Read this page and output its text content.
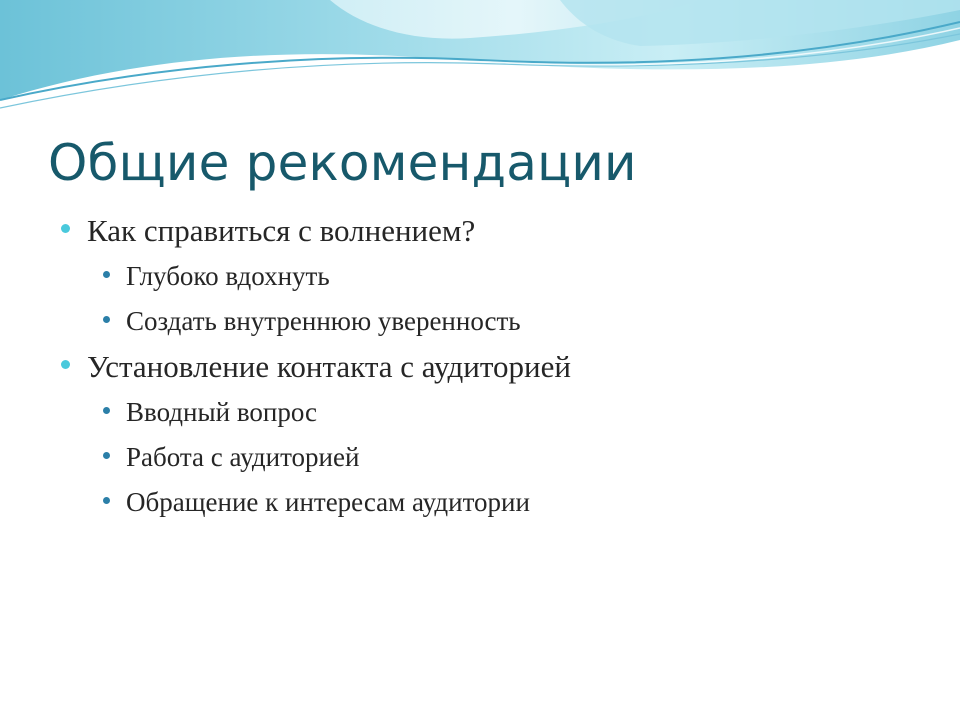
Общие рекомендации
Как справиться с волнением?
Глубоко вдохнуть
Создать внутреннюю уверенность
Установление контакта с аудиторией
Вводный вопрос
Работа с аудиторией
Обращение к интересам аудитории
